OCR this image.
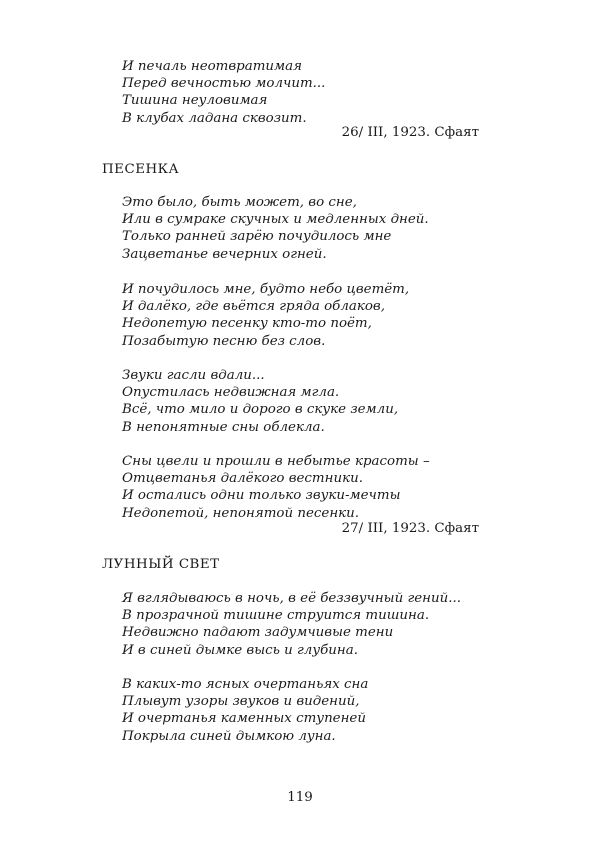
И печаль неотвратимая
Перед вечностью молчит...
Тишина неуловимая
В клубах ладана сквозит.
26/ III, 1923. Сфаят
ПЕСЕНКА
Это было, быть может, во сне,
Или в сумраке скучных и медленных дней.
Только ранней зарёю почудилось мне
Зацветанье вечерних огней.
И почудилось мне, будто небо цветёт,
И далёко, где вьётся гряда облаков,
Недопетую песенку кто-то поёт,
Позабытую песню без слов.
Звуки гасли вдали...
Опустилась недвижная мгла.
Всё, что мило и дорого в скуке земли,
В непонятные сны облекла.
Сны цвели и прошли в небытье красоты –
Отцветанья далёкого вестники.
И остались одни только звуки-мечты
Недопетой, непонятой песенки.
27/ III, 1923. Сфаят
ЛУННЫЙ СВЕТ
Я вглядываюсь в ночь, в её беззвучный гений...
В прозрачной тишине струится тишина.
Недвижно падают задумчивые тени
И в синей дымке высь и глубина.
В каких-то ясных очертаньях сна
Плывут узоры звуков и видений,
И очертанья каменных ступеней
Покрыла синей дымкою луна.
119
